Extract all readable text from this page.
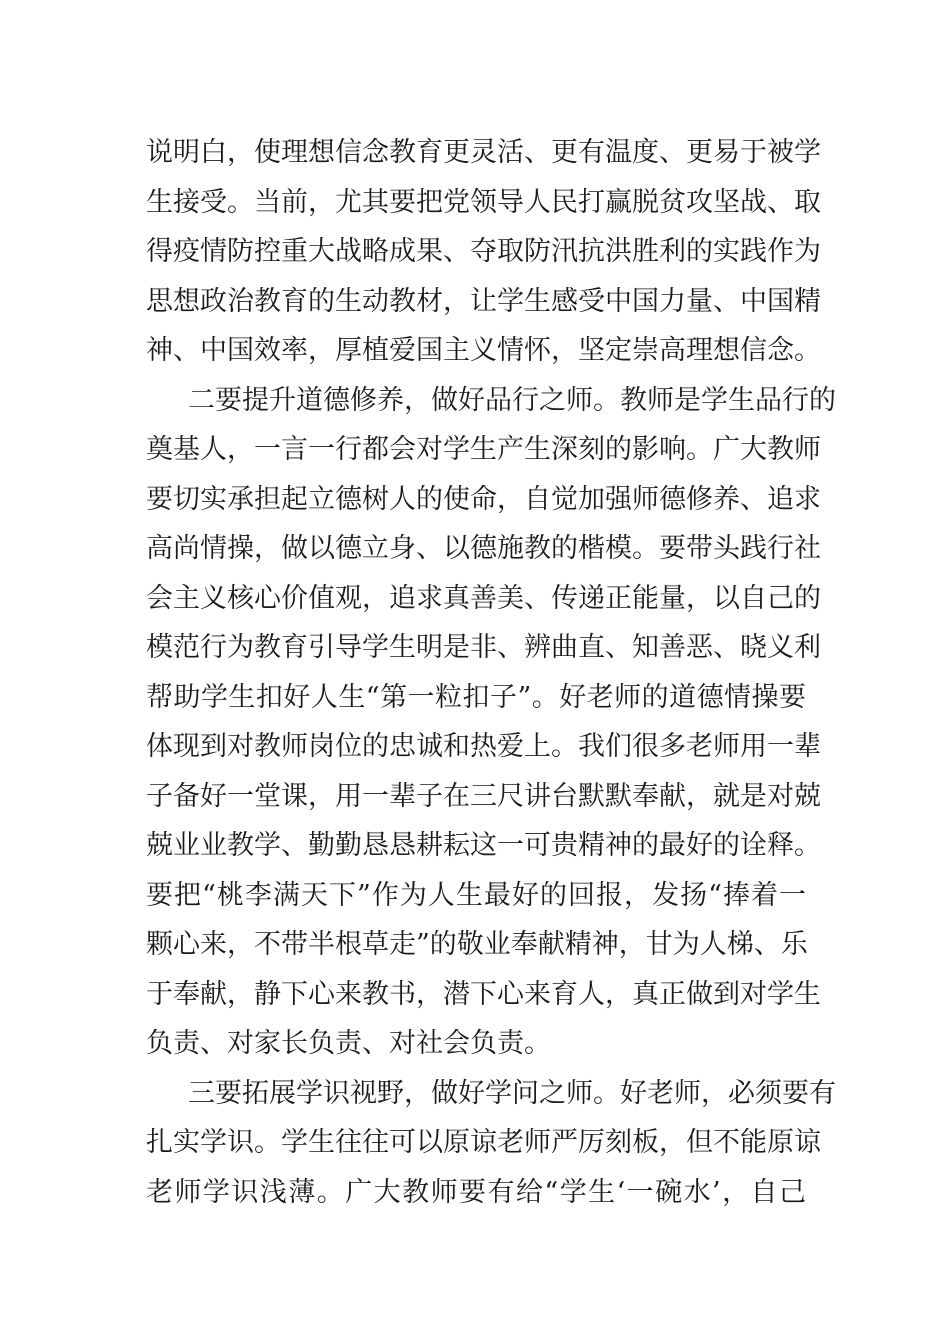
说明白，使理想信念教育更灵活、更有温度、更易于被学
生接受。当前，尤其要把党领导人民打赢脱贫攻坚战、取
得疫情防控重大战略成果、夺取防汛抗洪胜利的实践作为
思想政治教育的生动教材，让学生感受中国力量、中国精
神、中国效率，厚植爱国主义情怀，坚定崇高理想信念。
二要提升道德修养，做好品行之师。教师是学生品行的
奠基人，一言一行都会对学生产生深刻的影响。广大教师
要切实承担起立德树人的使命，自觉加强师德修养、追求
高尚情操，做以德立身、以德施教的楷模。要带头践行社
会主义核心价值观，追求真善美、传递正能量，以自己的
模范行为教育引导学生明是非、辨曲直、知善恶、晓义利
帮助学生扣好人生“第一粒扣子”。好老师的道德情操要
体现到对教师岗位的忠诚和热爱上。我们很多老师用一辈
子备好一堂课，用一辈子在三尺讲台默默奉献，就是对兢
兢业业教学、勤勤恳恳耕耘这一可贵精神的最好的诠释。
要把“桃李满天下”作为人生最好的回报，发扬“捧着一
颗心来，不带半根草走”的敬业奉献精神，甘为人梯、乐
于奉献，静下心来教书，潜下心来育人，真正做到对学生
负责、对家长负责、对社会负责。
三要拓展学识视野，做好学问之师。好老师，必须要有
扎实学识。学生往往可以原谅老师严厉刻板，但不能原谅
老师学识浅薄。广大教师要有给“学生‘一碗水’，自己
